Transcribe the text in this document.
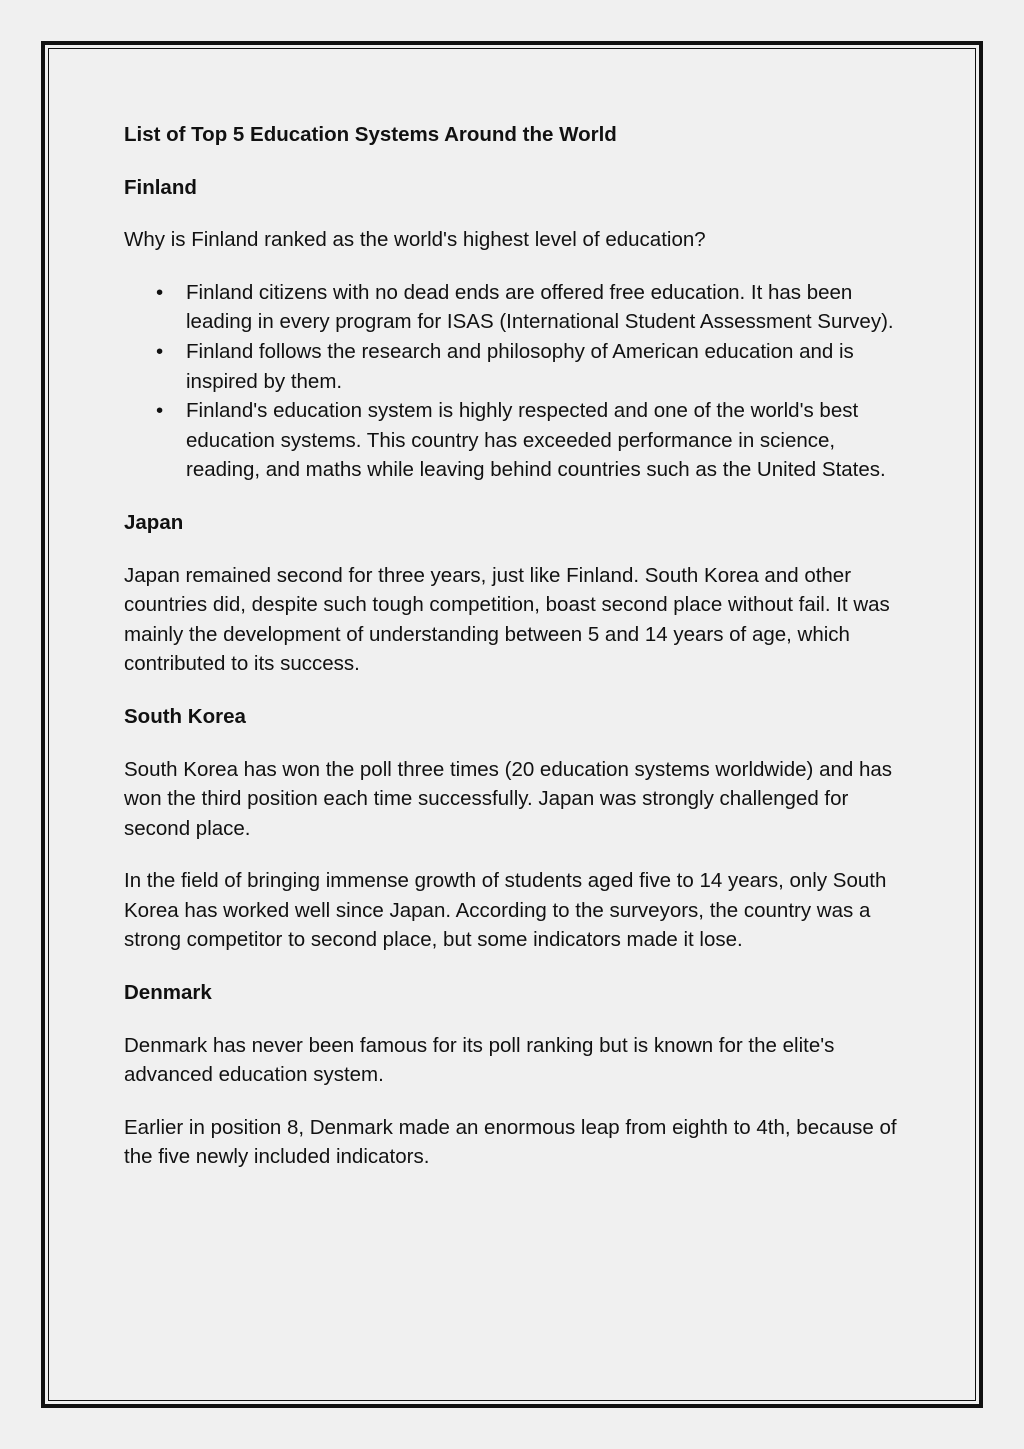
List of Top 5 Education Systems Around the World
Finland

Why is Finland ranked as the world's highest level of education?

• Finland citizens with no dead ends are offered free education. It has been leading in every program for ISAS (International Student Assessment Survey).
• Finland follows the research and philosophy of American education and is inspired by them.
• Finland's education system is highly respected and one of the world's best education systems. This country has exceeded performance in science, reading, and maths while leaving behind countries such as the United States.
Japan

Japan remained second for three years, just like Finland. South Korea and other countries did, despite such tough competition, boast second place without fail. It was mainly the development of understanding between 5 and 14 years of age, which contributed to its success.

South Korea

South Korea has won the poll three times (20 education systems worldwide) and has won the third position each time successfully. Japan was strongly challenged for second place.

In the field of bringing immense growth of students aged five to 14 years, only South Korea has worked well since Japan. According to the surveyors, the country was a strong competitor to second place, but some indicators made it lose.

Denmark

Denmark has never been famous for its poll ranking but is known for the elite's advanced education system.

Earlier in position 8, Denmark made an enormous leap from eighth to 4th, because of the five newly included indicators.
